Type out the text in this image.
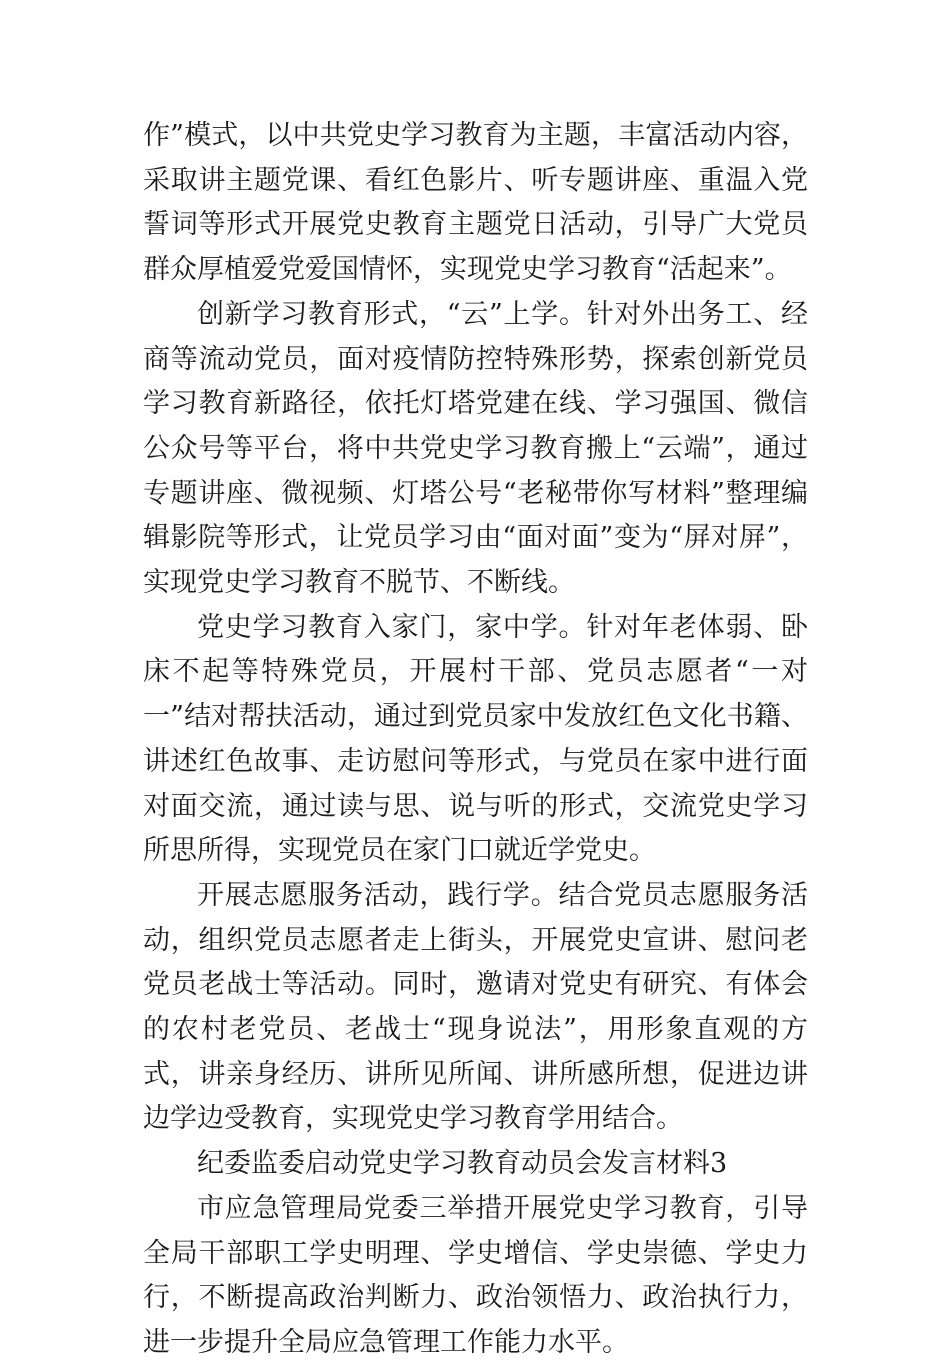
作”模式，以中共党史学习教育为主题，丰富活动内容，采取讲主题党课、看红色影片、听专题讲座、重温入党誓词等形式开展党史教育主题党日活动，引导广大党员群众厚植爱党爱国情怀，实现党史学习教育“活起来”。

创新学习教育形式，“云”上学。针对外出务工、经商等流动党员，面对疫情防控特殊形势，探索创新党员学习教育新路径，依托灯塔党建在线、学习强国、微信公众号等平台，将中共党史学习教育搬上“云端”，通过专题讲座、微视频、灯塔公号“老秘带你写材料”整理编辑影院等形式，让党员学习由“面对面”变为“屏对屏”，实现党史学习教育不脱节、不断线。

党史学习教育入家门，家中学。针对年老体弱、卧床不起等特殊党员，开展村干部、党员志愿者“一对一”结对帮扶活动，通过到党员家中发放红色文化书籍、讲述红色故事、走访慰问等形式，与党员在家中进行面对面交流，通过读与思、说与听的形式，交流党史学习所思所得，实现党员在家门口就近学党史。

开展志愿服务活动，践行学。结合党员志愿服务活动，组织党员志愿者走上街头，开展党史宣讲、慰问老党员老战士等活动。同时，邀请对党史有研究、有体会的农村老党员、老战士“现身说法”，用形象直观的方式，讲亲身经历、讲所见所闻、讲所感所想，促进边讲边学边受教育，实现党史学习教育学用结合。

纪委监委启动党史学习教育动员会发言材料3

市应急管理局党委三举措开展党史学习教育，引导全局干部职工学史明理、学史增信、学史崇德、学史力行，不断提高政治判断力、政治领悟力、政治执行力，进一步提升全局应急管理工作能力水平。
